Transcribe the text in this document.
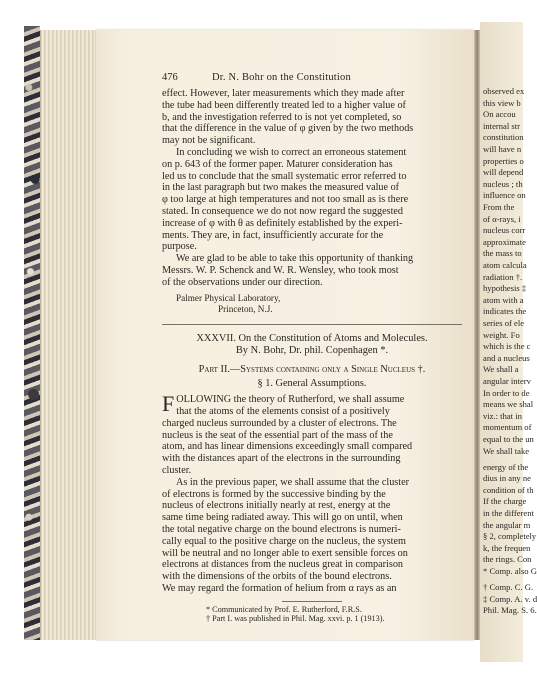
476	Dr. N. Bohr on the Constitution
effect. However, later measurements which they made after
the tube had been differently treated led to a higher value of
b, and the investigation referred to is not yet completed, so
that the difference in the value of φ given by the two methods
may not be significant.
In concluding we wish to correct an erroneous statement
on p. 643 of the former paper. Maturer consideration has
led us to conclude that the small systematic error referred to
in the last paragraph but two makes the measured value of
φ too large at high temperatures and not too small as is there
stated. In consequence we do not now regard the suggested
increase of φ with θ as definitely established by the experi-
ments. They are, in fact, insufficiently accurate for the
purpose.
We are glad to be able to take this opportunity of thanking
Messrs. W. P. Schenck and W. R. Wensley, who took most
of the observations under our direction.
Palmer Physical Laboratory,
Princeton, N.J.
XXXVII. On the Constitution of Atoms and Molecules.
By N. Bohr, Dr. phil. Copenhagen *.
Part II.—Systems containing only a Single Nucleus †.
§ 1. General Assumptions.
F OLLOWING the theory of Rutherford, we shall assume
that the atoms of the elements consist of a positively
charged nucleus surrounded by a cluster of electrons. The
nucleus is the seat of the essential part of the mass of the
atom, and has linear dimensions exceedingly small compared
with the distances apart of the electrons in the surrounding
cluster.
As in the previous paper, we shall assume that the cluster
of electrons is formed by the successive binding by the
nucleus of electrons initially nearly at rest, energy at the
same time being radiated away. This will go on until, when
the total negative charge on the bound electrons is numeri-
cally equal to the positive charge on the nucleus, the system
will be neutral and no longer able to exert sensible forces on
electrons at distances from the nucleus great in comparison
with the dimensions of the orbits of the bound electrons.
We may regard the formation of helium from α rays as an
* Communicated by Prof. E. Rutherford, F.R.S.
† Part I. was published in Phil. Mag. xxvi. p. 1 (1913).
observed ex
this view b
On accou
internal str
constitution
will have n
properties o
will depend
nucleus ; th
influence on
From the
of α-rays, i
nucleus corr
approximate
the mass to
atom calcula
radiation †.
hypothesis ‡
atom with a
indicates the
series of ele
weight. Fo
which is the c
and a nucleus
We shall a
angular interv
In order to de
means we shal
viz.: that in
momentum of
equal to the un
We shall take
energy of the
dius in any ne
condition of th
If the charge
in the different
the angular m
§ 2, completely
k, the frequen
the rings. Con
* Comp. also G
† Comp. C. G.
‡ Comp. A. v. d
Phil. Mag. S. 6.
